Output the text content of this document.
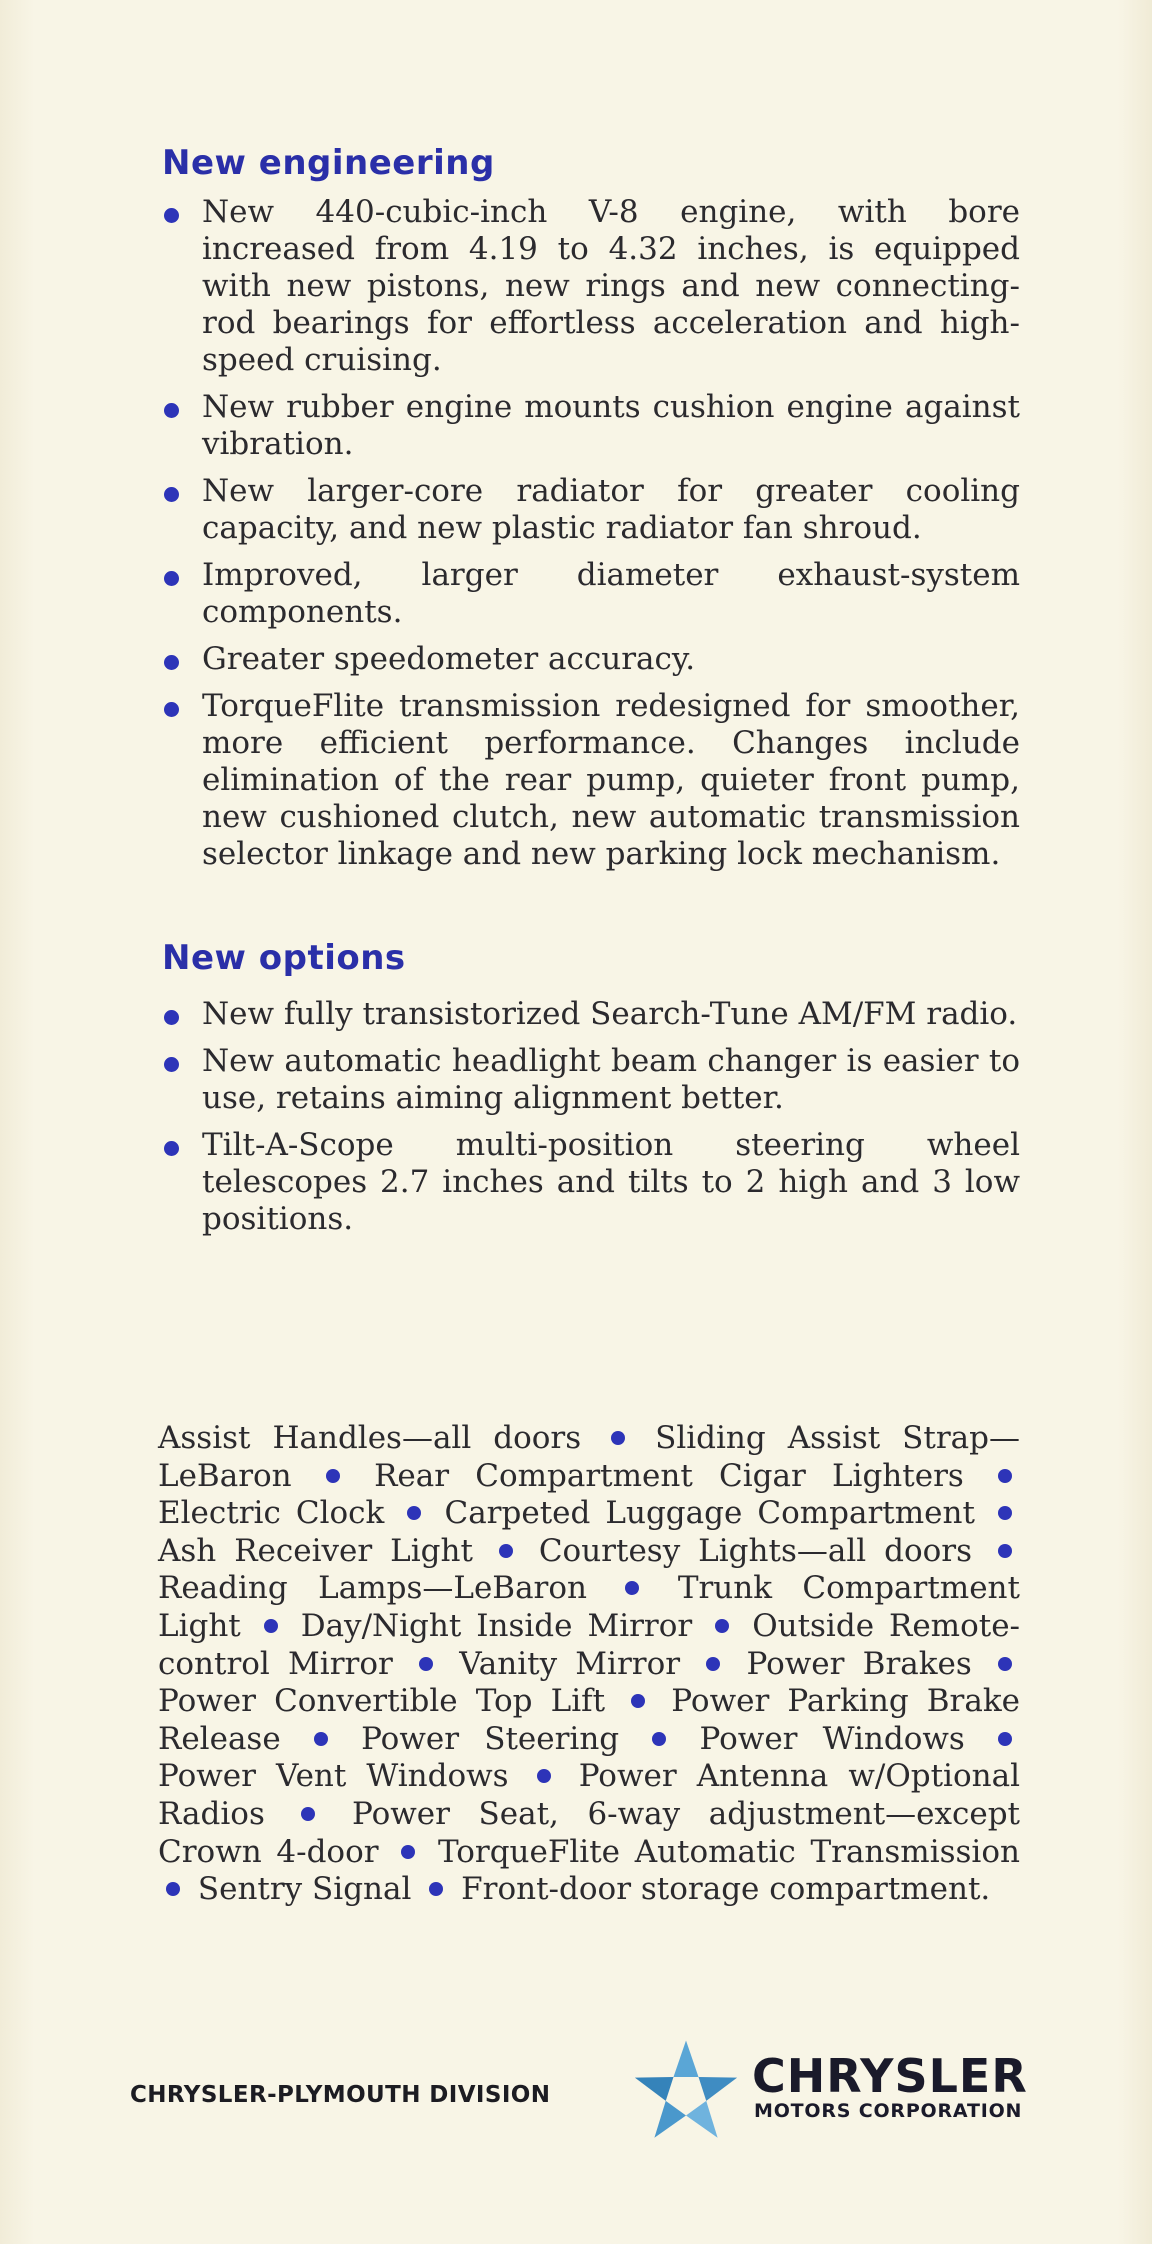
New engineering
New 440-cubic-inch V-8 engine, with bore increased from 4.19 to 4.32 inches, is equipped with new pistons, new rings and new connecting-rod bearings for effortless acceleration and high-speed cruising.
New rubber engine mounts cushion engine against vibration.
New larger-core radiator for greater cooling capacity, and new plastic radiator fan shroud.
Improved, larger diameter exhaust-system components.
Greater speedometer accuracy.
TorqueFlite transmission redesigned for smoother, more efficient performance. Changes include elimination of the rear pump, quieter front pump, new cushioned clutch, new automatic transmission selector linkage and new parking lock mechanism.
New options
New fully transistorized Search-Tune AM/FM radio.
New automatic headlight beam changer is easier to use, retains aiming alignment better.
Tilt-A-Scope multi-position steering wheel telescopes 2.7 inches and tilts to 2 high and 3 low positions.
Assist Handles—all doors Sliding Assist Strap—LeBaron	Rear Compartment Cigar Lighters  Electric Clock Carpeted Luggage Compartment  Ash Receiver Light Courtesy Lights—all doors  Reading Lamps—LeBaron	Trunk Compartment Light Day/Night Inside Mirror Outside Remote-control Mirror Vanity Mirror Power Brakes  Power Convertible Top Lift Power Parking Brake Release	Power Steering	Power Windows  Power Vent Windows Power Antenna w/Optional Radios	Power Seat, 6-way adjustment—except Crown 4-door TorqueFlite Automatic Transmission  Sentry Signal Front-door storage compartment.
CHRYSLER-PLYMOUTH DIVISION	CHRYSLER
MOTORS CORPORATION
